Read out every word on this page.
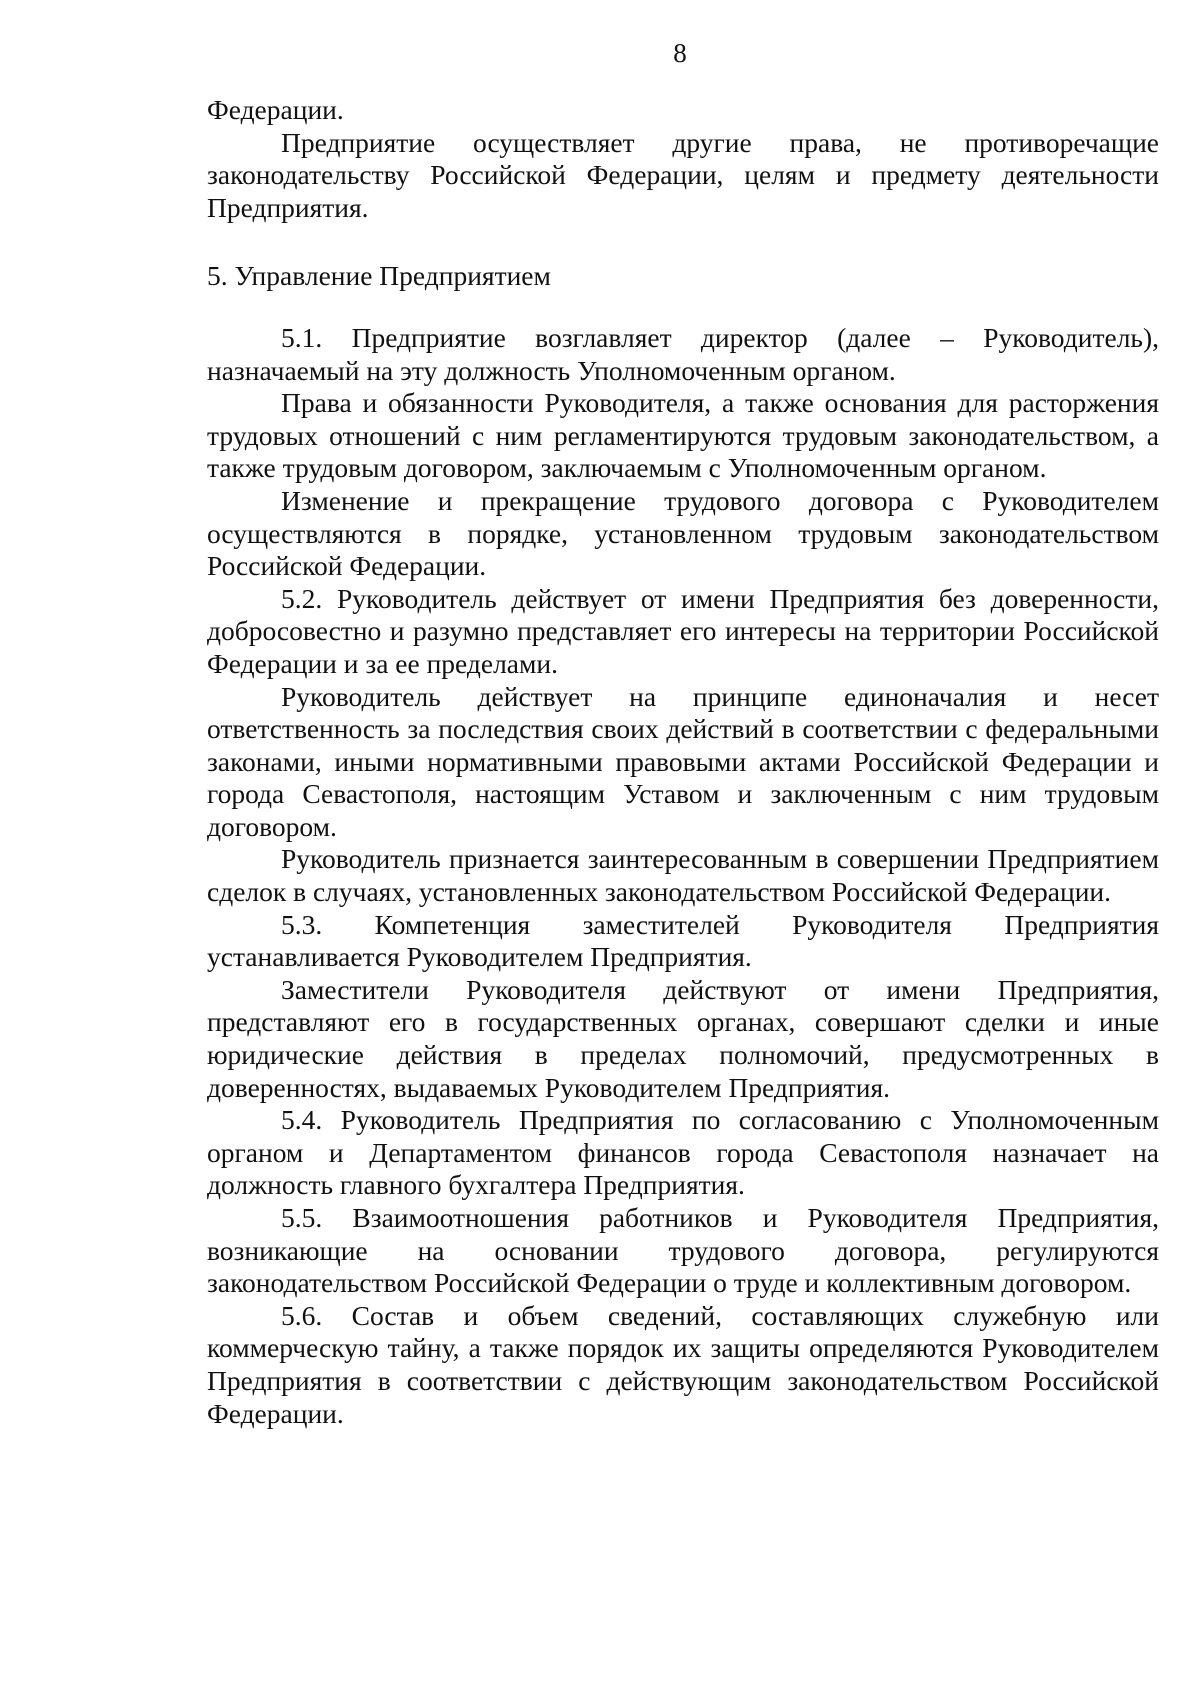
8

Федерации.

Предприятие осуществляет другие права, не противоречащие законодательству Российской Федерации, целям и предмету деятельности Предприятия.

5. Управление Предприятием

5.1. Предприятие возглавляет директор (далее – Руководитель), назначаемый на эту должность Уполномоченным органом.

Права и обязанности Руководителя, а также основания для расторжения трудовых отношений с ним регламентируются трудовым законодательством, а также трудовым договором, заключаемым с Уполномоченным органом.

Изменение и прекращение трудового договора с Руководителем осуществляются в порядке, установленном трудовым законодательством Российской Федерации.

5.2. Руководитель действует от имени Предприятия без доверенности, добросовестно и разумно представляет его интересы на территории Российской Федерации и за ее пределами.

Руководитель действует на принципе единоначалия и несет ответственность за последствия своих действий в соответствии с федеральными законами, иными нормативными правовыми актами Российской Федерации и города Севастополя, настоящим Уставом и заключенным с ним трудовым договором.

Руководитель признается заинтересованным в совершении Предприятием сделок в случаях, установленных законодательством Российской Федерации.

5.3. Компетенция заместителей Руководителя Предприятия устанавливается Руководителем Предприятия.

Заместители Руководителя действуют от имени Предприятия, представляют его в государственных органах, совершают сделки и иные юридические действия в пределах полномочий, предусмотренных в доверенностях, выдаваемых Руководителем Предприятия.

5.4. Руководитель Предприятия по согласованию с Уполномоченным органом и Департаментом финансов города Севастополя назначает на должность главного бухгалтера Предприятия.

5.5. Взаимоотношения работников и Руководителя Предприятия, возникающие на основании трудового договора, регулируются законодательством Российской Федерации о труде и коллективным договором.

5.6. Состав и объем сведений, составляющих служебную или коммерческую тайну, а также порядок их защиты определяются Руководителем Предприятия в соответствии с действующим законодательством Российской Федерации.
